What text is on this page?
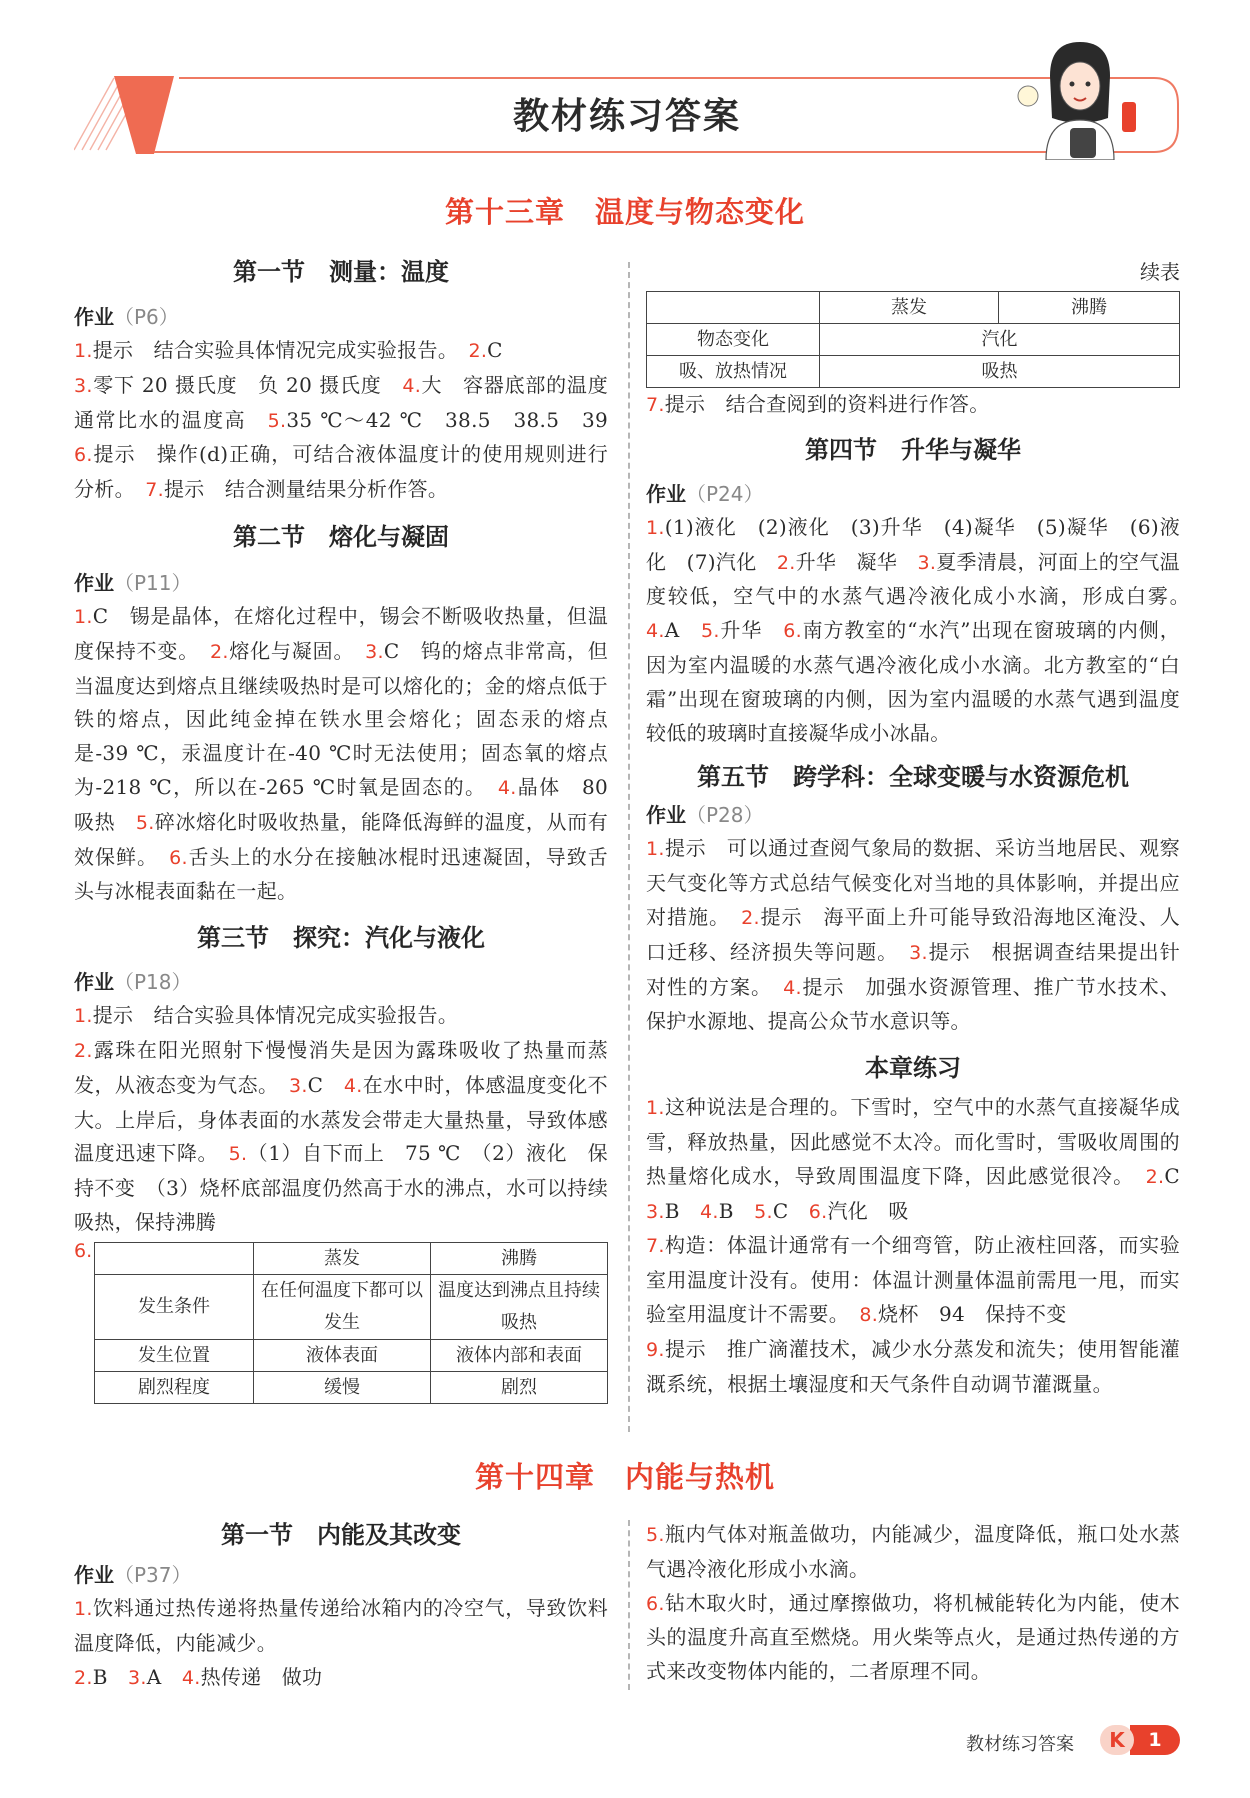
教材练习答案
第十三章　温度与物态变化
第一节　测量：温度
作业（P6）
1.提示　结合实验具体情况完成实验报告。　2.C
3.零下 20 摄氏度　负 20 摄氏度　4.大　容器底部的温度通常比水的温度高　5.35 ℃～42 ℃　38.5　38.5　39　6.提示　操作(d)正确，可结合液体温度计的使用规则进行分析。　7.提示　结合测量结果分析作答。
第二节　熔化与凝固
作业（P11）
1.C　锡是晶体，在熔化过程中，锡会不断吸收热量，但温度保持不变。　2.熔化与凝固。　3.C　钨的熔点非常高，但当温度达到熔点且继续吸热时是可以熔化的；金的熔点低于铁的熔点，因此纯金掉在铁水里会熔化；固态汞的熔点是-39 ℃，汞温度计在-40 ℃时无法使用；固态氧的熔点为-218 ℃，所以在-265 ℃时氧是固态的。　4.晶体　80　吸热　5.碎冰熔化时吸收热量，能降低海鲜的温度，从而有效保鲜。　6.舌头上的水分在接触冰棍时迅速凝固，导致舌头与冰棍表面黏在一起。
第三节　探究：汽化与液化
作业（P18）
1.提示　结合实验具体情况完成实验报告。
2.露珠在阳光照射下慢慢消失是因为露珠吸收了热量而蒸发，从液态变为气态。　3.C　4.在水中时，体感温度变化不大。上岸后，身体表面的水蒸发会带走大量热量，导致体感温度迅速下降。　5.（1）自下而上　75 ℃　（2）液化　保持不变　（3）烧杯底部温度仍然高于水的沸点，水可以持续吸热，保持沸腾
6.
		蒸发	沸腾
发生条件	在任何温度下都可以发生	温度达到沸点且持续吸热
发生位置	液体表面	液体内部和表面
剧烈程度	缓慢	剧烈
续表
	蒸发	沸腾
物态变化	汽化	
吸、放热情况	吸热	
7.提示　结合查阅到的资料进行作答。
第四节　升华与凝华
作业（P24）
1.(1)液化　(2)液化　(3)升华　(4)凝华　(5)凝华　(6)液化　(7)汽化　2.升华　凝华　3.夏季清晨，河面上的空气温度较低，空气中的水蒸气遇冷液化成小水滴，形成白雾。　4.A　5.升华　6.南方教室的“水汽”出现在窗玻璃的内侧，因为室内温暖的水蒸气遇冷液化成小水滴。北方教室的“白霜”出现在窗玻璃的内侧，因为室内温暖的水蒸气遇到温度较低的玻璃时直接凝华成小冰晶。
第五节　跨学科：全球变暖与水资源危机
作业（P28）
1.提示　可以通过查阅气象局的数据、采访当地居民、观察天气变化等方式总结气候变化对当地的具体影响，并提出应对措施。　2.提示　海平面上升可能导致沿海地区淹没、人口迁移、经济损失等问题。　3.提示　根据调查结果提出针对性的方案。　4.提示　加强水资源管理、推广节水技术、保护水源地、提高公众节水意识等。
本章练习
1.这种说法是合理的。下雪时，空气中的水蒸气直接凝华成雪，释放热量，因此感觉不太冷。而化雪时，雪吸收周围的热量熔化成水，导致周围温度下降，因此感觉很冷。　2.C　3.B　4.B　5.C　6.汽化　吸
7.构造：体温计通常有一个细弯管，防止液柱回落，而实验室用温度计没有。使用：体温计测量体温前需甩一甩，而实验室用温度计不需要。　8.烧杯　94　保持不变
9.提示　推广滴灌技术，减少水分蒸发和流失；使用智能灌溉系统，根据土壤湿度和天气条件自动调节灌溉量。
第十四章　内能与热机
第一节　内能及其改变
作业（P37）
1.饮料通过热传递将热量传递给冰箱内的冷空气，导致饮料温度降低，内能减少。
2.B　3.A　4.热传递　做功
5.瓶内气体对瓶盖做功，内能减少，温度降低，瓶口处水蒸气遇冷液化形成小水滴。
6.钻木取火时，通过摩擦做功，将机械能转化为内能，使木头的温度升高直至燃烧。用火柴等点火，是通过热传递的方式来改变物体内能的，二者原理不同。
教材练习答案	1
K
